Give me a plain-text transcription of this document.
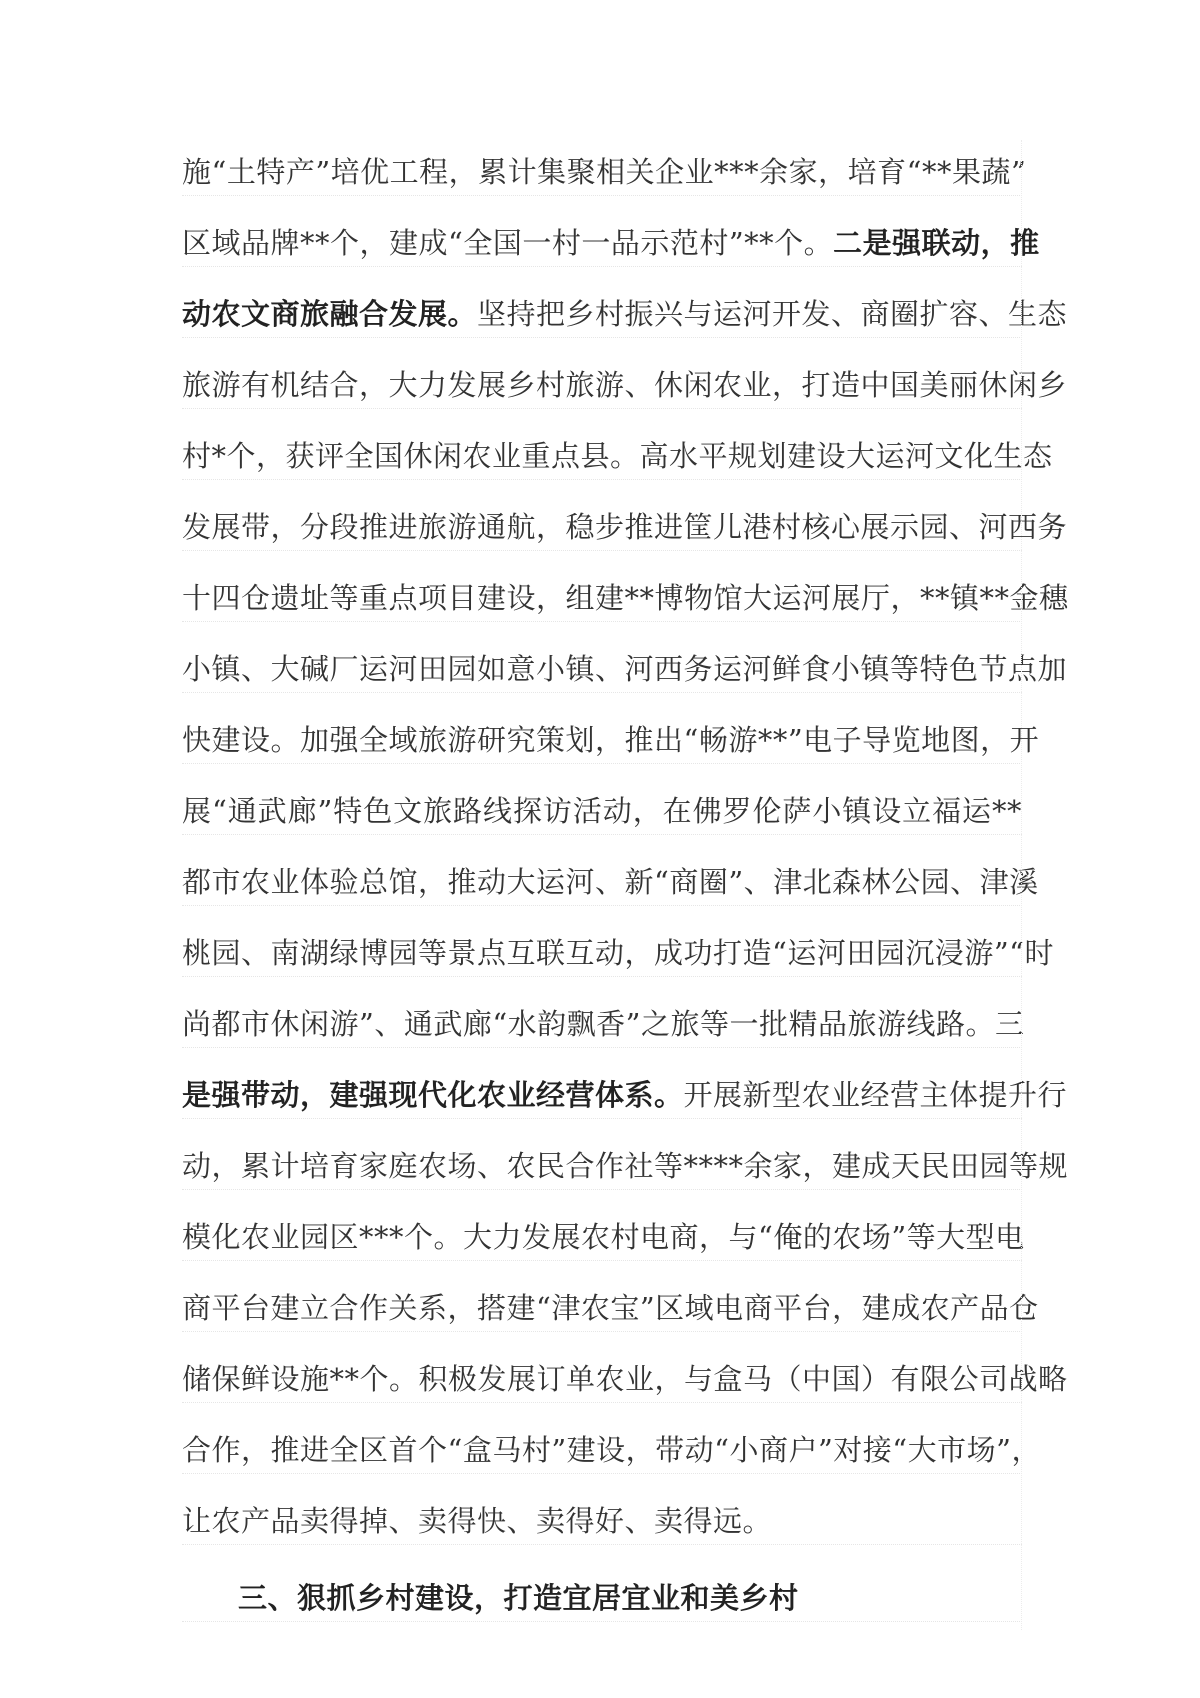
施“土特产”培优工程，累计集聚相关企业***余家，培育“**果蔬”
区域品牌**个，建成“全国一村一品示范村”**个。二是强联动，推
动农文商旅融合发展。坚持把乡村振兴与运河开发、商圈扩容、生态
旅游有机结合，大力发展乡村旅游、休闲农业，打造中国美丽休闲乡
村*个，获评全国休闲农业重点县。高水平规划建设大运河文化生态
发展带，分段推进旅游通航，稳步推进筐儿港村核心展示园、河西务
十四仓遗址等重点项目建设，组建**博物馆大运河展厅，**镇**金穗
小镇、大碱厂运河田园如意小镇、河西务运河鲜食小镇等特色节点加
快建设。加强全域旅游研究策划，推出“畅游**”电子导览地图，开
展“通武廊”特色文旅路线探访活动，在佛罗伦萨小镇设立福运**
都市农业体验总馆，推动大运河、新“商圈”、津北森林公园、津溪
桃园、南湖绿博园等景点互联互动，成功打造“运河田园沉浸游”“时
尚都市休闲游”、通武廊“水韵飘香”之旅等一批精品旅游线路。三
是强带动，建强现代化农业经营体系。开展新型农业经营主体提升行
动，累计培育家庭农场、农民合作社等****余家，建成天民田园等规
模化农业园区***个。大力发展农村电商，与“俺的农场”等大型电
商平台建立合作关系，搭建“津农宝”区域电商平台，建成农产品仓
储保鲜设施**个。积极发展订单农业，与盒马（中国）有限公司战略
合作，推进全区首个“盒马村”建设，带动“小商户”对接“大市场”，
让农产品卖得掉、卖得快、卖得好、卖得远。
三、狠抓乡村建设，打造宜居宜业和美乡村
